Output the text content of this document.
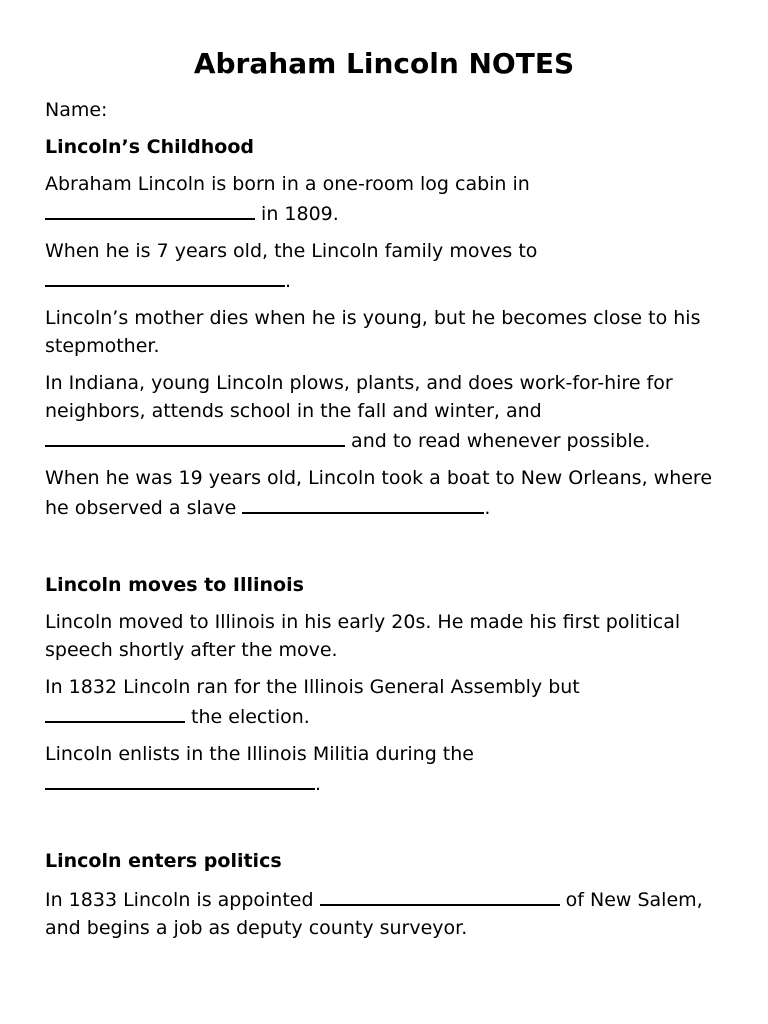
Abraham Lincoln NOTES
Name:
Lincoln’s Childhood
Abraham Lincoln is born in a one-room log cabin in
in 1809.
When he is 7 years old, the Lincoln family moves to
.
Lincoln’s mother dies when he is young, but he becomes close to his stepmother.
In Indiana, young Lincoln plows, plants, and does work-for-hire for neighbors, attends school in the fall and winter, and
and to read whenever possible.
When he was 19 years old, Lincoln took a boat to New Orleans, where he observed a slave	.
Lincoln moves to Illinois
Lincoln moved to Illinois in his early 20s. He made his first political speech shortly after the move.
In 1832 Lincoln ran for the Illinois General Assembly but
the election.
Lincoln enlists in the Illinois Militia during the
.
Lincoln enters politics
In 1833 Lincoln is appointed	of New Salem, and begins a job as deputy county surveyor.
